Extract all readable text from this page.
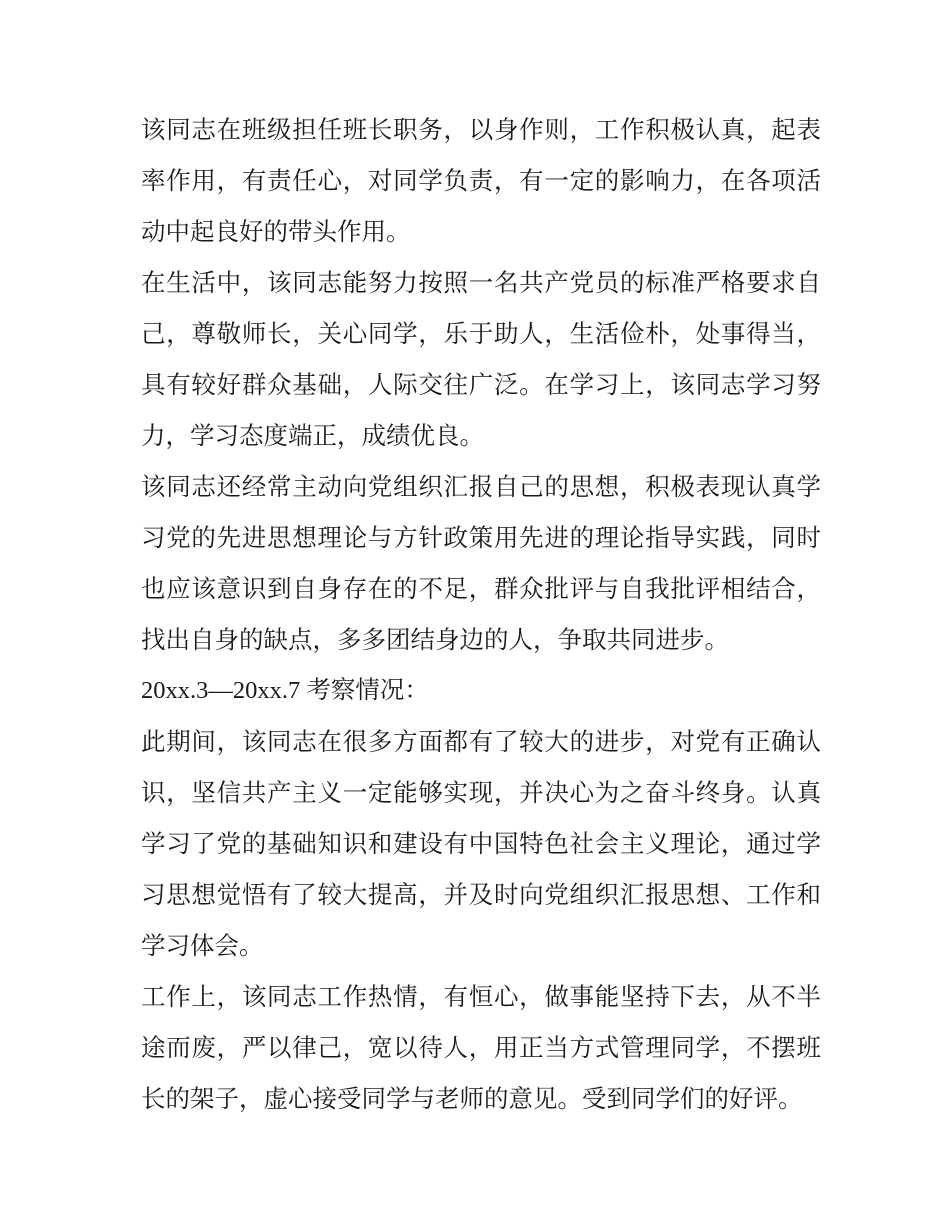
该同志在班级担任班长职务，以身作则，工作积极认真，起表率作用，有责任心，对同学负责，有一定的影响力，在各项活动中起良好的带头作用。

在生活中，该同志能努力按照一名共产党员的标准严格要求自己，尊敬师长，关心同学，乐于助人，生活俭朴，处事得当，具有较好群众基础，人际交往广泛。在学习上，该同志学习努力，学习态度端正，成绩优良。

该同志还经常主动向党组织汇报自己的思想，积极表现认真学习党的先进思想理论与方针政策用先进的理论指导实践，同时也应该意识到自身存在的不足，群众批评与自我批评相结合，找出自身的缺点，多多团结身边的人，争取共同进步。

20xx.3—20xx.7 考察情况：

此期间，该同志在很多方面都有了较大的进步，对党有正确认识，坚信共产主义一定能够实现，并决心为之奋斗终身。认真学习了党的基础知识和建设有中国特色社会主义理论，通过学习思想觉悟有了较大提高，并及时向党组织汇报思想、工作和学习体会。

工作上，该同志工作热情，有恒心，做事能坚持下去，从不半途而废，严以律己，宽以待人，用正当方式管理同学，不摆班长的架子，虚心接受同学与老师的意见。受到同学们的好评。
